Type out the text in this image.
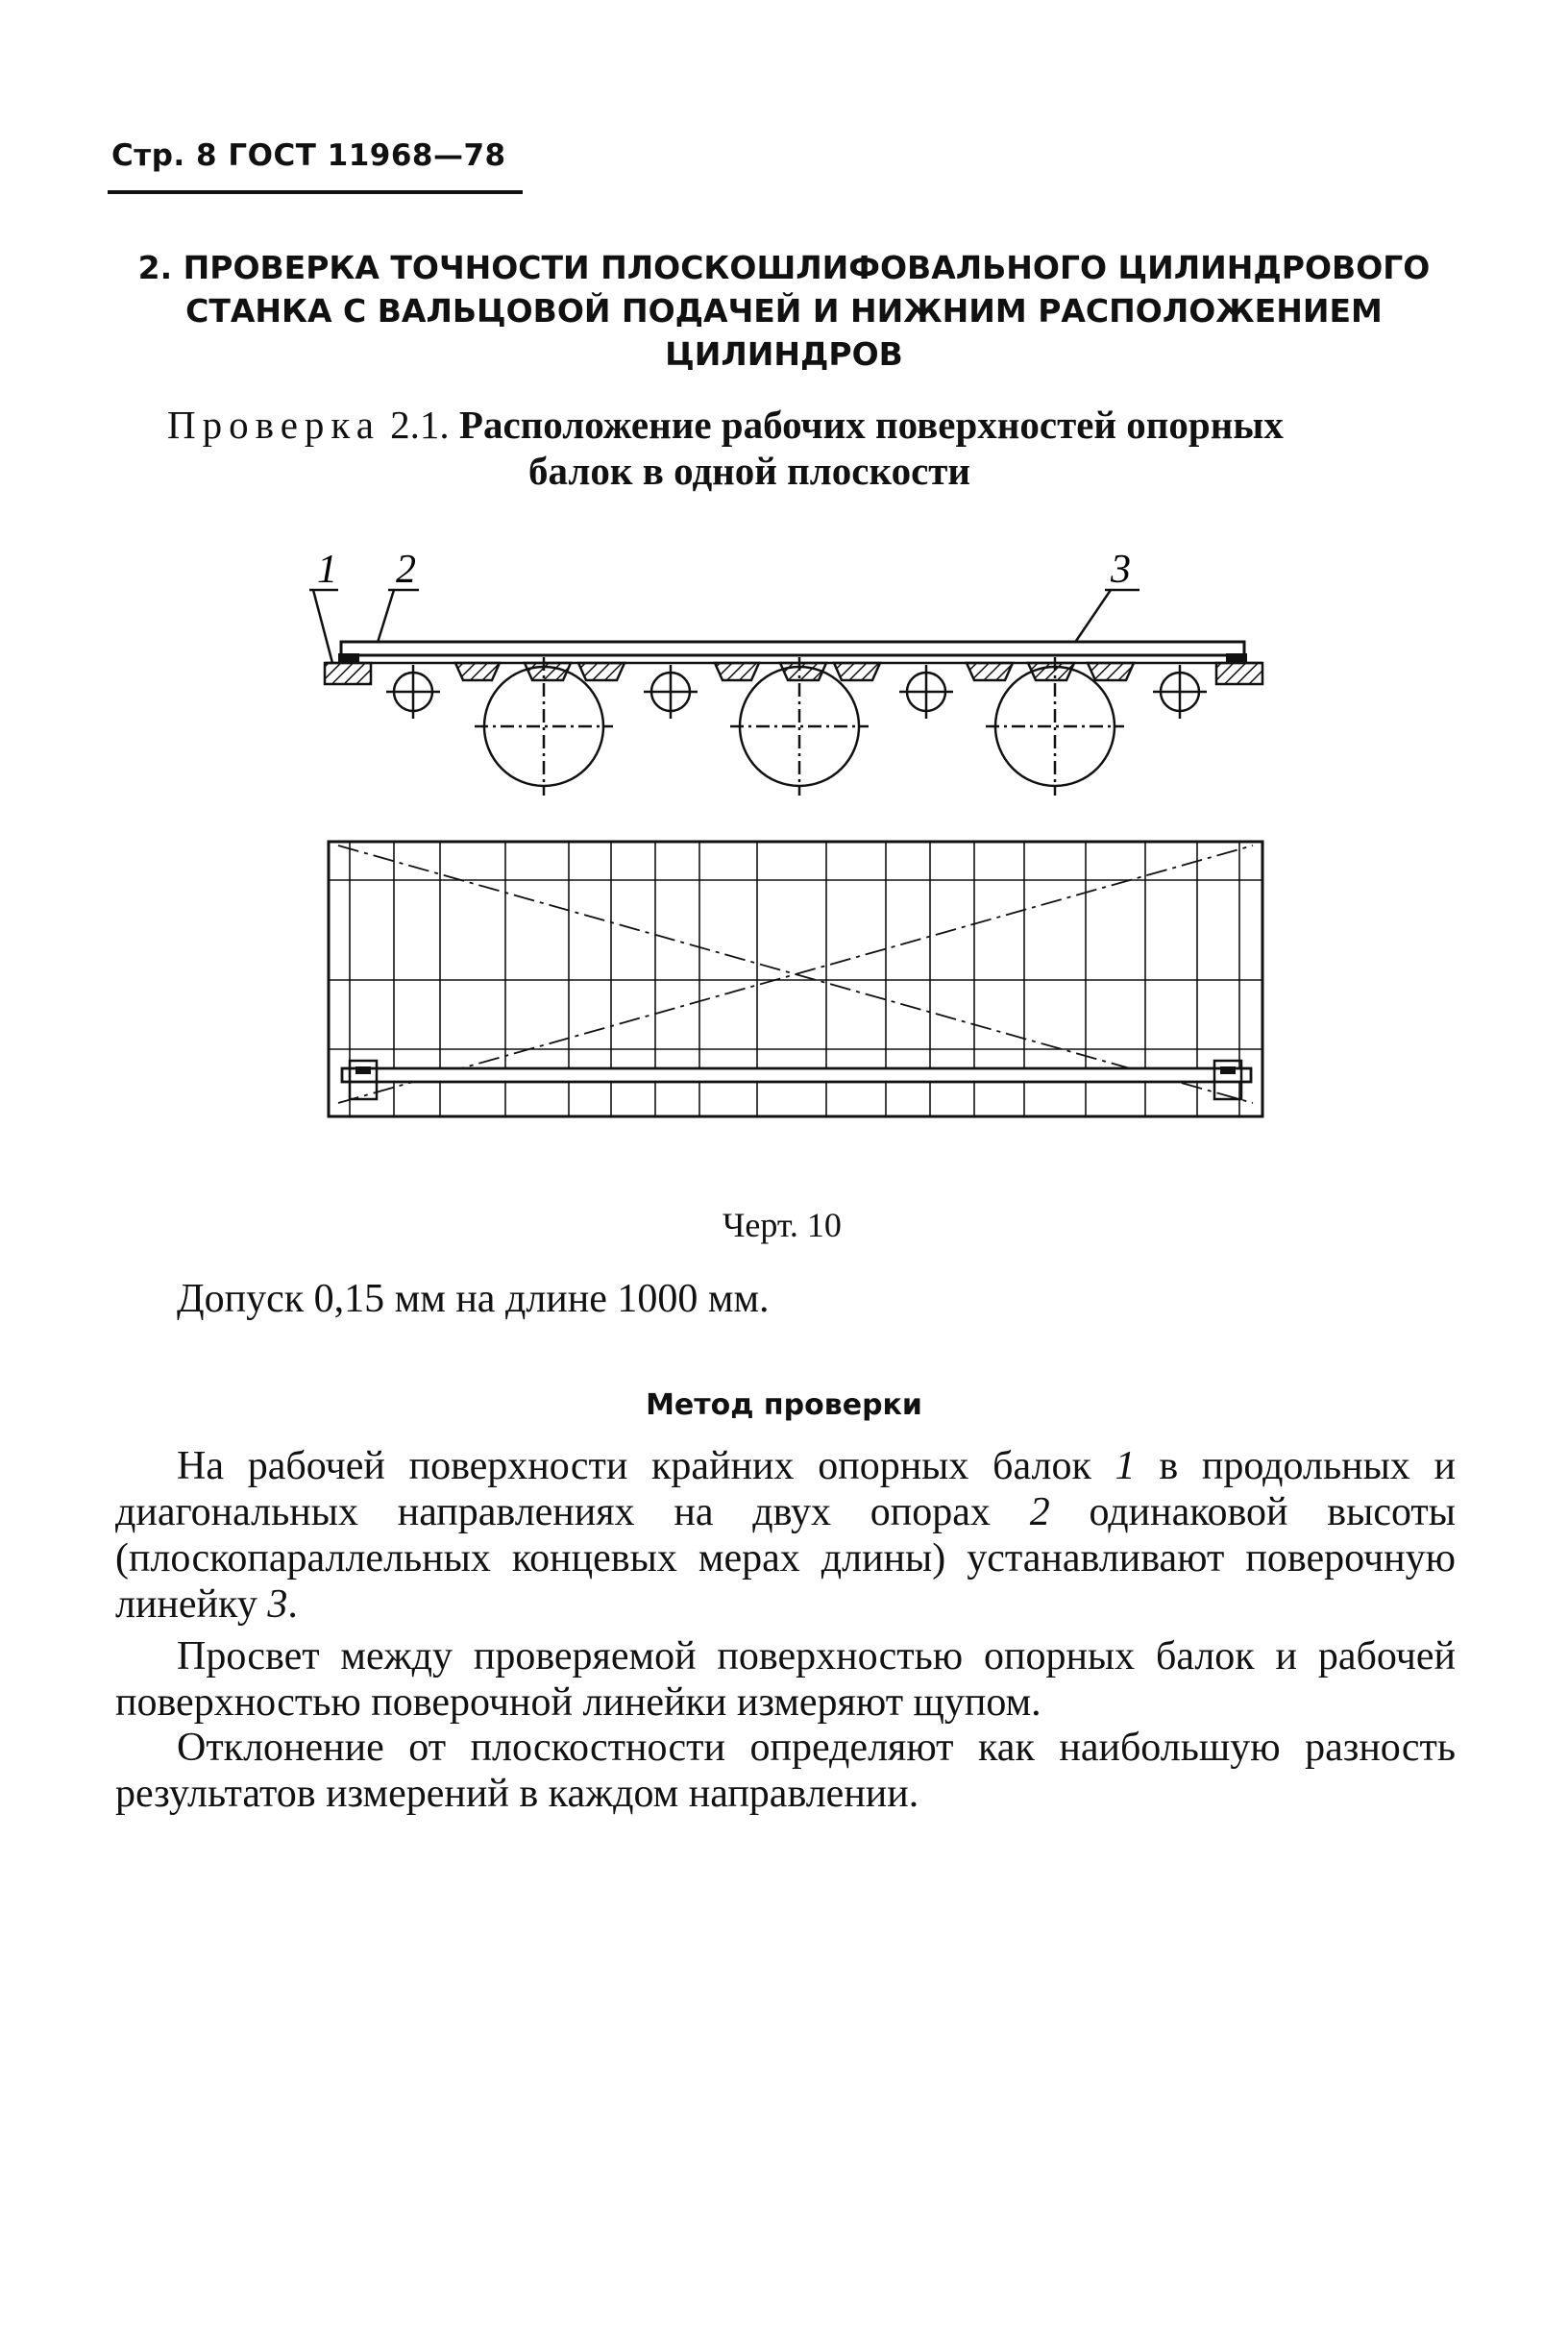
Стр. 8 ГОСТ 11968—78
2. ПРОВЕРКА ТОЧНОСТИ ПЛОСКОШЛИФОВАЛЬНОГО ЦИЛИНДРОВОГО
СТАНКА С ВАЛЬЦОВОЙ ПОДАЧЕЙ И НИЖНИМ РАСПОЛОЖЕНИЕМ
ЦИЛИНДРОВ
Проверка 2.1. Расположение рабочих поверхностей опорных
балок в одной плоскости
1 2	3
Черт. 10
Допуск 0,15 мм на длине 1000 мм.
Метод проверки
На рабочей поверхности крайних опорных балок 1 в продольных и диагональных направлениях на двух опорах 2 одинаковой высоты (плоскопараллельных концевых мерах длины) устанавливают поверочную линейку 3.
Просвет между проверяемой поверхностью опорных балок и рабочей поверхностью поверочной линейки измеряют щупом.
Отклонение от плоскостности определяют как наибольшую разность результатов измерений в каждом направлении.
